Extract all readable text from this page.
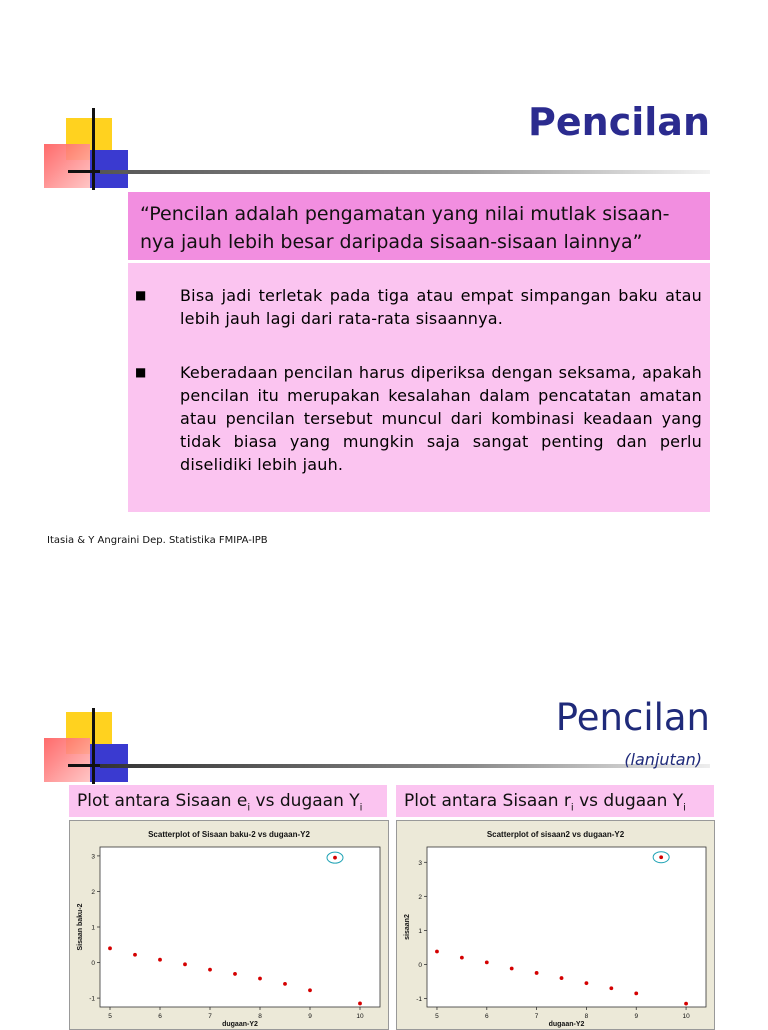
Pencilan
“Pencilan adalah pengamatan yang nilai mutlak sisaan-nya jauh lebih besar daripada sisaan-sisaan lainnya”
■ Bisa jadi terletak pada tiga atau empat simpangan baku atau lebih jauh lagi dari rata-rata sisaannya.
■ Keberadaan pencilan harus diperiksa dengan seksama, apakah pencilan itu merupakan kesalahan dalam pencatatan amatan atau pencilan tersebut muncul dari kombinasi keadaan yang tidak biasa yang mungkin saja sangat penting dan perlu diselidiki lebih jauh.
Itasia & Y Angraini Dep. Statistika FMIPA-IPB
Pencilan
(lanjutan)
Plot antara Sisaan $e_i$ vs dugaan $Y_i$	Plot antara Sisaan $r_i$ vs dugaan $Y_i$
Scatterplot of Sisaan baku-2 vs dugaan-Y2
dugaan-Y2
Sisaan baku-2
5	6	7	8	9	10
-1
0
1
2
3
Scatterplot of sisaan2 vs dugaan-Y2
dugaan-Y2
sisaan2
5	6	7	8	9	10
-1
0
1
2
3
